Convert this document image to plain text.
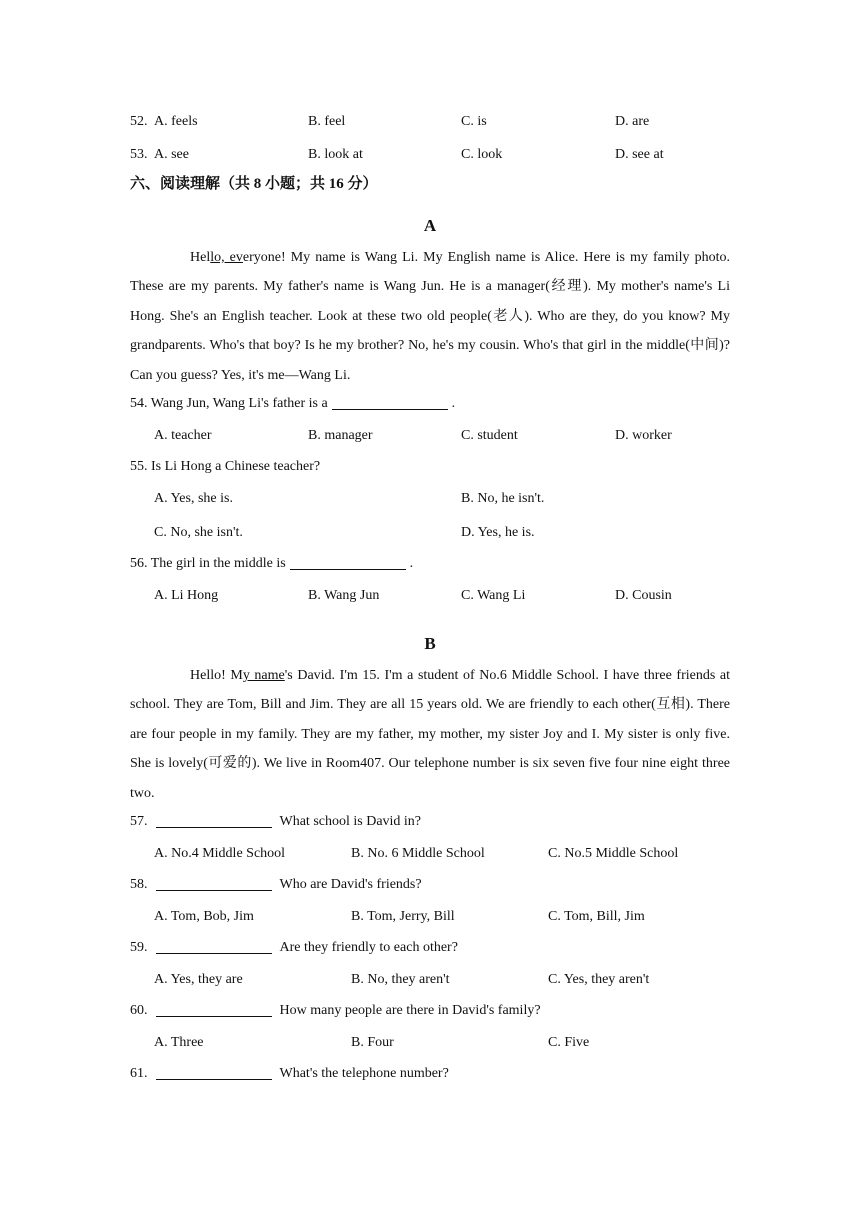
52. A. feels	B. feel	C. is	D. are
53. A. see	B. look at	C. look	D. see at
六、阅读理解（共 8 小题；共 16 分）
A

Hello, everyone! My name is Wang Li. My English name is Alice. Here is my family photo. These are my parents. My father's name is Wang Jun. He is a manager(经理). My mother's name's Li Hong. She's an English teacher. Look at these two old people(老人). Who are they, do you know? My grandparents. Who's that boy? Is he my brother? No, he's my cousin. Who's that girl in the middle(中间)? Can you guess? Yes, it's me—Wang Li.

54. Wang Jun, Wang Li's father is a	.
A. teacher	B. manager	C. student	D. worker
55. Is Li Hong a Chinese teacher?
A. Yes, she is.	B. No, he isn't.
C. No, she isn't.	D. Yes, he is.
56. The girl in the middle is	.
A. Li Hong	B. Wang Jun	C. Wang Li	D. Cousin
B

Hello! My name's David. I'm 15. I'm a student of No.6 Middle School. I have three friends at school. They are Tom, Bill and Jim. They are all 15 years old. We are friendly to each other(互相). There are four people in my family. They are my father, my mother, my sister Joy and I. My sister is only five. She is lovely(可爱的). We live in Room407. Our telephone number is six seven five four nine eight three two.

57.	What school is David in?
A. No.4 Middle School	B. No. 6 Middle School	C. No.5 Middle School
58.	Who are David's friends?
A. Tom, Bob, Jim	B. Tom, Jerry, Bill	C. Tom, Bill, Jim
59.	Are they friendly to each other?
A. Yes, they are	B. No, they aren't	C. Yes, they aren't
60.	How many people are there in David's family?
A. Three	B. Four	C. Five
61.	What's the telephone number?
